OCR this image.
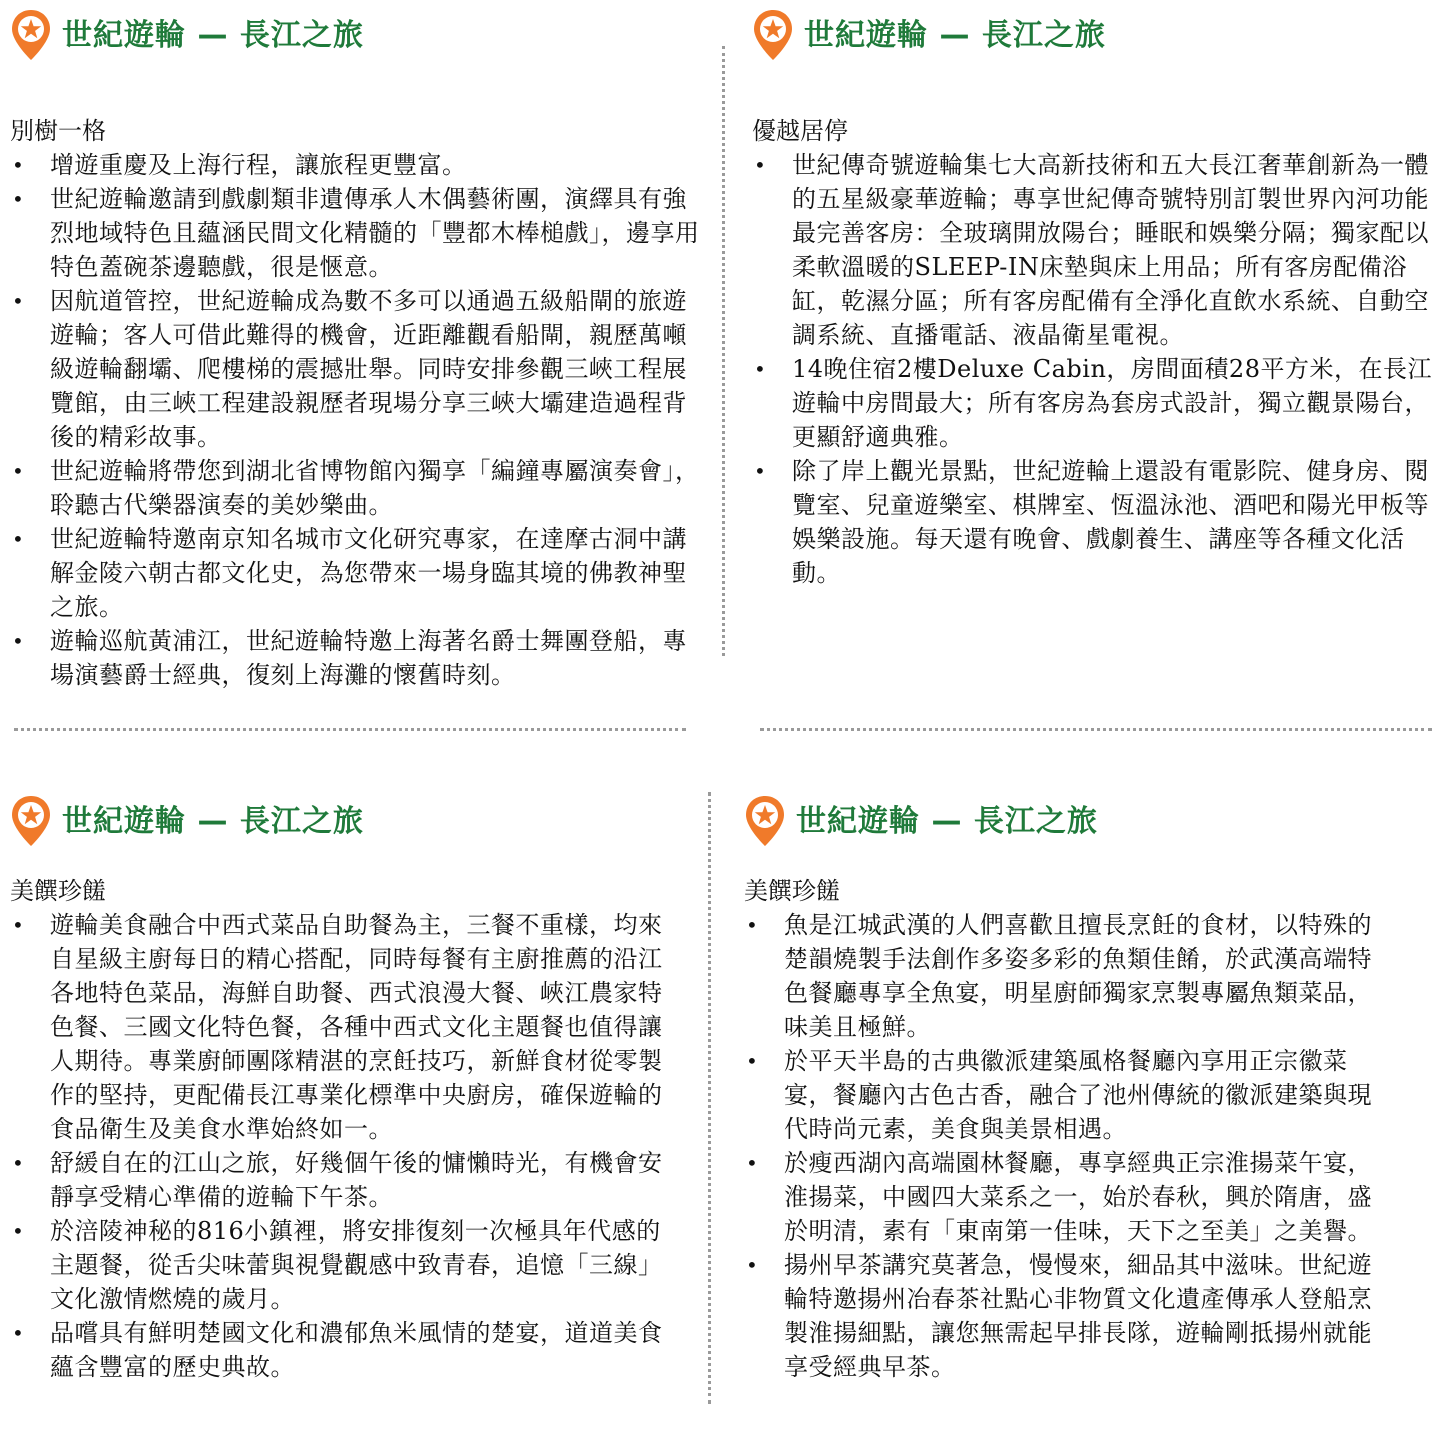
世紀遊輪 — 長江之旅
別樹一格
• 增遊重慶及上海行程，讓旅程更豐富。
• 世紀遊輪邀請到戲劇類非遺傳承人木偶藝術團，演繹具有強烈地域特色且蘊涵民間文化精髓的「豐都木棒槌戲」，邊享用特色蓋碗茶邊聽戲，很是愜意。
• 因航道管控，世紀遊輪成為數不多可以通過五級船閘的旅遊遊輪；客人可借此難得的機會，近距離觀看船閘，親歷萬噸級遊輪翻壩、爬樓梯的震撼壯舉。同時安排參觀三峽工程展覽館，由三峽工程建設親歷者現場分享三峽大壩建造過程背後的精彩故事。
• 世紀遊輪將帶您到湖北省博物館內獨享「編鐘專屬演奏會」，聆聽古代樂器演奏的美妙樂曲。
• 世紀遊輪特邀南京知名城市文化研究專家，在達摩古洞中講解金陵六朝古都文化史，為您帶來一場身臨其境的佛教神聖之旅。
• 遊輪巡航黃浦江，世紀遊輪特邀上海著名爵士舞團登船，專場演藝爵士經典，復刻上海灘的懷舊時刻。
世紀遊輪 — 長江之旅
優越居停
• 世紀傳奇號遊輪集七大高新技術和五大長江奢華創新為一體的五星級豪華遊輪；專享世紀傳奇號特別訂製世界內河功能最完善客房：全玻璃開放陽台；睡眠和娛樂分隔；獨家配以柔軟溫暖的SLEEP-IN床墊與床上用品；所有客房配備浴缸，乾濕分區；所有客房配備有全淨化直飲水系統、自動空調系統、直播電話、液晶衛星電視。
• 14晚住宿2樓Deluxe Cabin，房間面積28平方米，在長江遊輪中房間最大；所有客房為套房式設計，獨立觀景陽台，更顯舒適典雅。
• 除了岸上觀光景點，世紀遊輪上還設有電影院、健身房、閱覽室、兒童遊樂室、棋牌室、恆溫泳池、酒吧和陽光甲板等娛樂設施。每天還有晚會、戲劇養生、講座等各種文化活動。
世紀遊輪 — 長江之旅
美饌珍饈
• 遊輪美食融合中西式菜品自助餐為主，三餐不重樣，均來自星級主廚每日的精心搭配，同時每餐有主廚推薦的沿江各地特色菜品，海鮮自助餐、西式浪漫大餐、峽江農家特色餐、三國文化特色餐，各種中西式文化主題餐也值得讓人期待。專業廚師團隊精湛的烹飪技巧，新鮮食材從零製作的堅持，更配備長江專業化標準中央廚房，確保遊輪的食品衛生及美食水準始終如一。
• 舒緩自在的江山之旅，好幾個午後的慵懶時光，有機會安靜享受精心準備的遊輪下午茶。
• 於涪陵神秘的816小鎮裡，將安排復刻一次極具年代感的主題餐，從舌尖味蕾與視覺觀感中致青春，追憶「三線」文化激情燃燒的歲月。
• 品嚐具有鮮明楚國文化和濃郁魚米風情的楚宴，道道美食蘊含豐富的歷史典故。
世紀遊輪 — 長江之旅
美饌珍饈
• 魚是江城武漢的人們喜歡且擅長烹飪的食材，以特殊的楚韻燒製手法創作多姿多彩的魚類佳餚，於武漢高端特色餐廳專享全魚宴，明星廚師獨家烹製專屬魚類菜品，味美且極鮮。
• 於平天半島的古典徽派建築風格餐廳內享用正宗徽菜宴，餐廳內古色古香，融合了池州傳統的徽派建築與現代時尚元素，美食與美景相遇。
• 於瘦西湖內高端園林餐廳，專享經典正宗淮揚菜午宴，淮揚菜，中國四大菜系之一，始於春秋，興於隋唐，盛於明清，素有「東南第一佳味，天下之至美」之美譽。
• 揚州早茶講究莫著急，慢慢來，細品其中滋味。世紀遊輪特邀揚州冶春茶社點心非物質文化遺產傳承人登船烹製淮揚細點，讓您無需起早排長隊，遊輪剛抵揚州就能享受經典早茶。
